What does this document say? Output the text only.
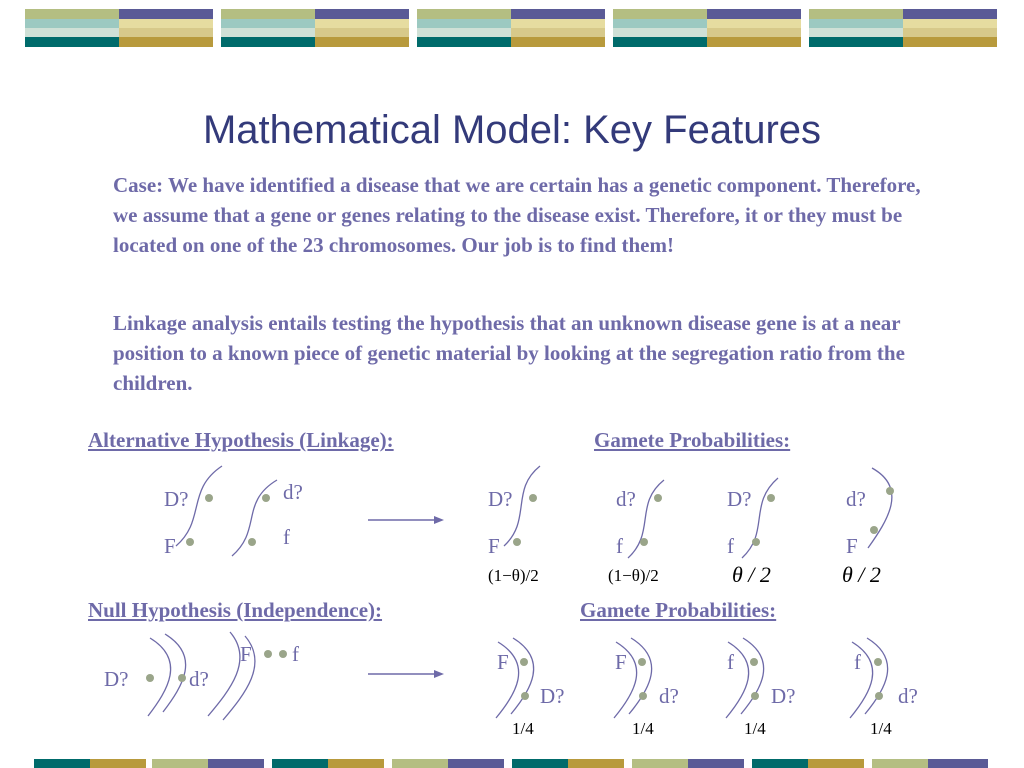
Mathematical Model: Key Features
Case: We have identified a disease that we are certain has a genetic component. Therefore, we assume that a gene or genes relating to the disease exist. Therefore, it or they must be located on one of the 23 chromosomes. Our job is to find them!
Linkage analysis entails testing the hypothesis that an unknown disease gene is at a near position to a known piece of genetic material by looking at the segregation ratio from the children.
Alternative Hypothesis (Linkage):	Gamete Probabilities:
Null Hypothesis (Independence):	Gamete Probabilities:
D?
F
d?
f
D?
F
d?
f
D?
f
d?
F
(1−θ)/2	(1−θ)/2	θ / 2	θ / 2
D?	d?
F f	F
D?
F
d?
f
D?
f
d?
1/4	1/4	1/4	1/4
